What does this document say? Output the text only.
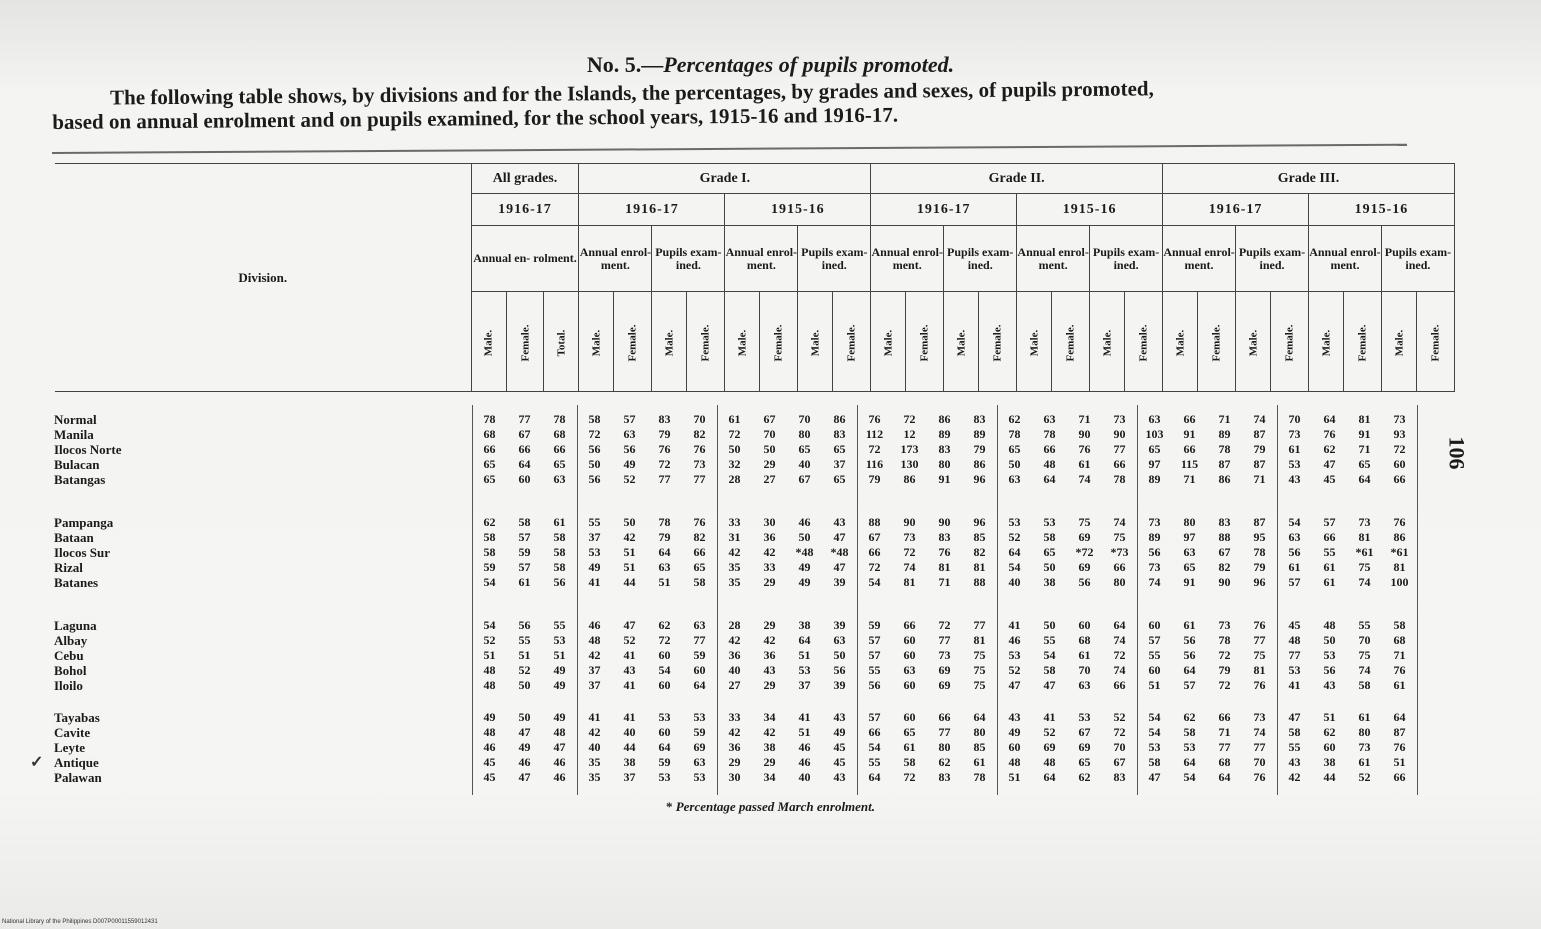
No. 5.—Percentages of pupils promoted.
The following table shows, by divisions and for the Islands, the percentages, by grades and sexes, of pupils promoted,
based on annual enrolment and on pupils examined, for the school years, 1915-16 and 1916-17.
Division.	All grades.			Grade I.								Grade II.								Grade III.							
	1916-17			1916-17				1915-16				1916-17				1915-16				1916-17				1915-16			
	Annual en- rolment.			Annual enrol- ment.		Pupils exam- ined.		Annual enrol- ment.		Pupils exam- ined.		Annual enrol- ment.		Pupils exam- ined.		Annual enrol- ment.		Pupils exam- ined.		Annual enrol- ment.		Pupils exam- ined.		Annual enrol- ment.		Pupils exam- ined.	
	Male.	Female.	Total.	Male.	Female.	Male.	Female.	Male.	Female.	Male.	Female.	Male.	Female.	Male.	Female.	Male.	Female.	Male.	Female.	Male.	Female.	Male.	Female.	Male.	Female.	Male.	Female.
Normal	78	77	78	58	57	83	70	61	67	70	86	76	72	86	83	62	63	71	73	63	66	71	74	70	64	81	73
Manila	68	67	68	72	63	79	82	72	70	80	83	112	12	89	89	78	78	90	90	103	91	89	87	73	76	91	93
Ilocos Norte	66	66	66	56	56	76	76	50	50	65	65	72	173	83	79	65	66	76	77	65	66	78	79	61	62	71	72
Bulacan	65	64	65	50	49	72	73	32	29	40	37	116	130	80	86	50	48	61	66	97	115	87	87	53	47	65	60
Batangas	65	60	63	56	52	77	77	28	27	67	65	79	86	91	96	63	64	74	78	89	71	86	71	43	45	64	66
Pampanga	62	58	61	55	50	78	76	33	30	46	43	88	90	90	96	53	53	75	74	73	80	83	87	54	57	73	76
Bataan	58	57	58	37	42	79	82	31	36	50	47	67	73	83	85	52	58	69	75	89	97	88	95	63	66	81	86
Ilocos Sur	58	59	58	53	51	64	66	42	42	*48	*48	66	72	76	82	64	65	*72	*73	56	63	67	78	56	55	*61	*61
Rizal	59	57	58	49	51	63	65	35	33	49	47	72	74	81	81	54	50	69	66	73	65	82	79	61	61	75	81
Batanes	54	61	56	41	44	51	58	35	29	49	39	54	81	71	88	40	38	56	80	74	91	90	96	57	61	74	100
Laguna	54	56	55	46	47	62	63	28	29	38	39	59	66	72	77	41	50	60	64	60	61	73	76	45	48	55	58
Albay	52	55	53	48	52	72	77	42	42	64	63	57	60	77	81	46	55	68	74	57	56	78	77	48	50	70	68
Cebu	51	51	51	42	41	60	59	36	36	51	50	57	60	73	75	53	54	61	72	55	56	72	75	77	53	75	71
Bohol	48	52	49	37	43	54	60	40	43	53	56	55	63	69	75	52	58	70	74	60	64	79	81	53	56	74	76
Iloilo	48	50	49	37	41	60	64	27	29	37	39	56	60	69	75	47	47	63	66	51	57	72	76	41	43	58	61
Tayabas	49	50	49	41	41	53	53	33	34	41	43	57	60	66	64	43	41	53	52	54	62	66	73	47	51	61	64
Cavite	48	47	48	42	40	60	59	42	42	51	49	66	65	77	80	49	52	67	72	54	58	71	74	58	62	80	87
Leyte	46	49	47	40	44	64	69	36	38	46	45	54	61	80	85	60	69	69	70	53	53	77	77	55	60	73	76
Antique	45	46	46	35	38	59	63	29	29	46	45	55	58	62	61	48	48	65	67	58	64	68	70	43	38	61	51
Palawan	45	47	46	35	37	53	53	30	34	40	43	64	72	83	78	51	64	62	83	47	54	64	76	42	44	52	66
✓
* Percentage passed March enrolment.
106
National Library of the Philippines D007P00011559012431
